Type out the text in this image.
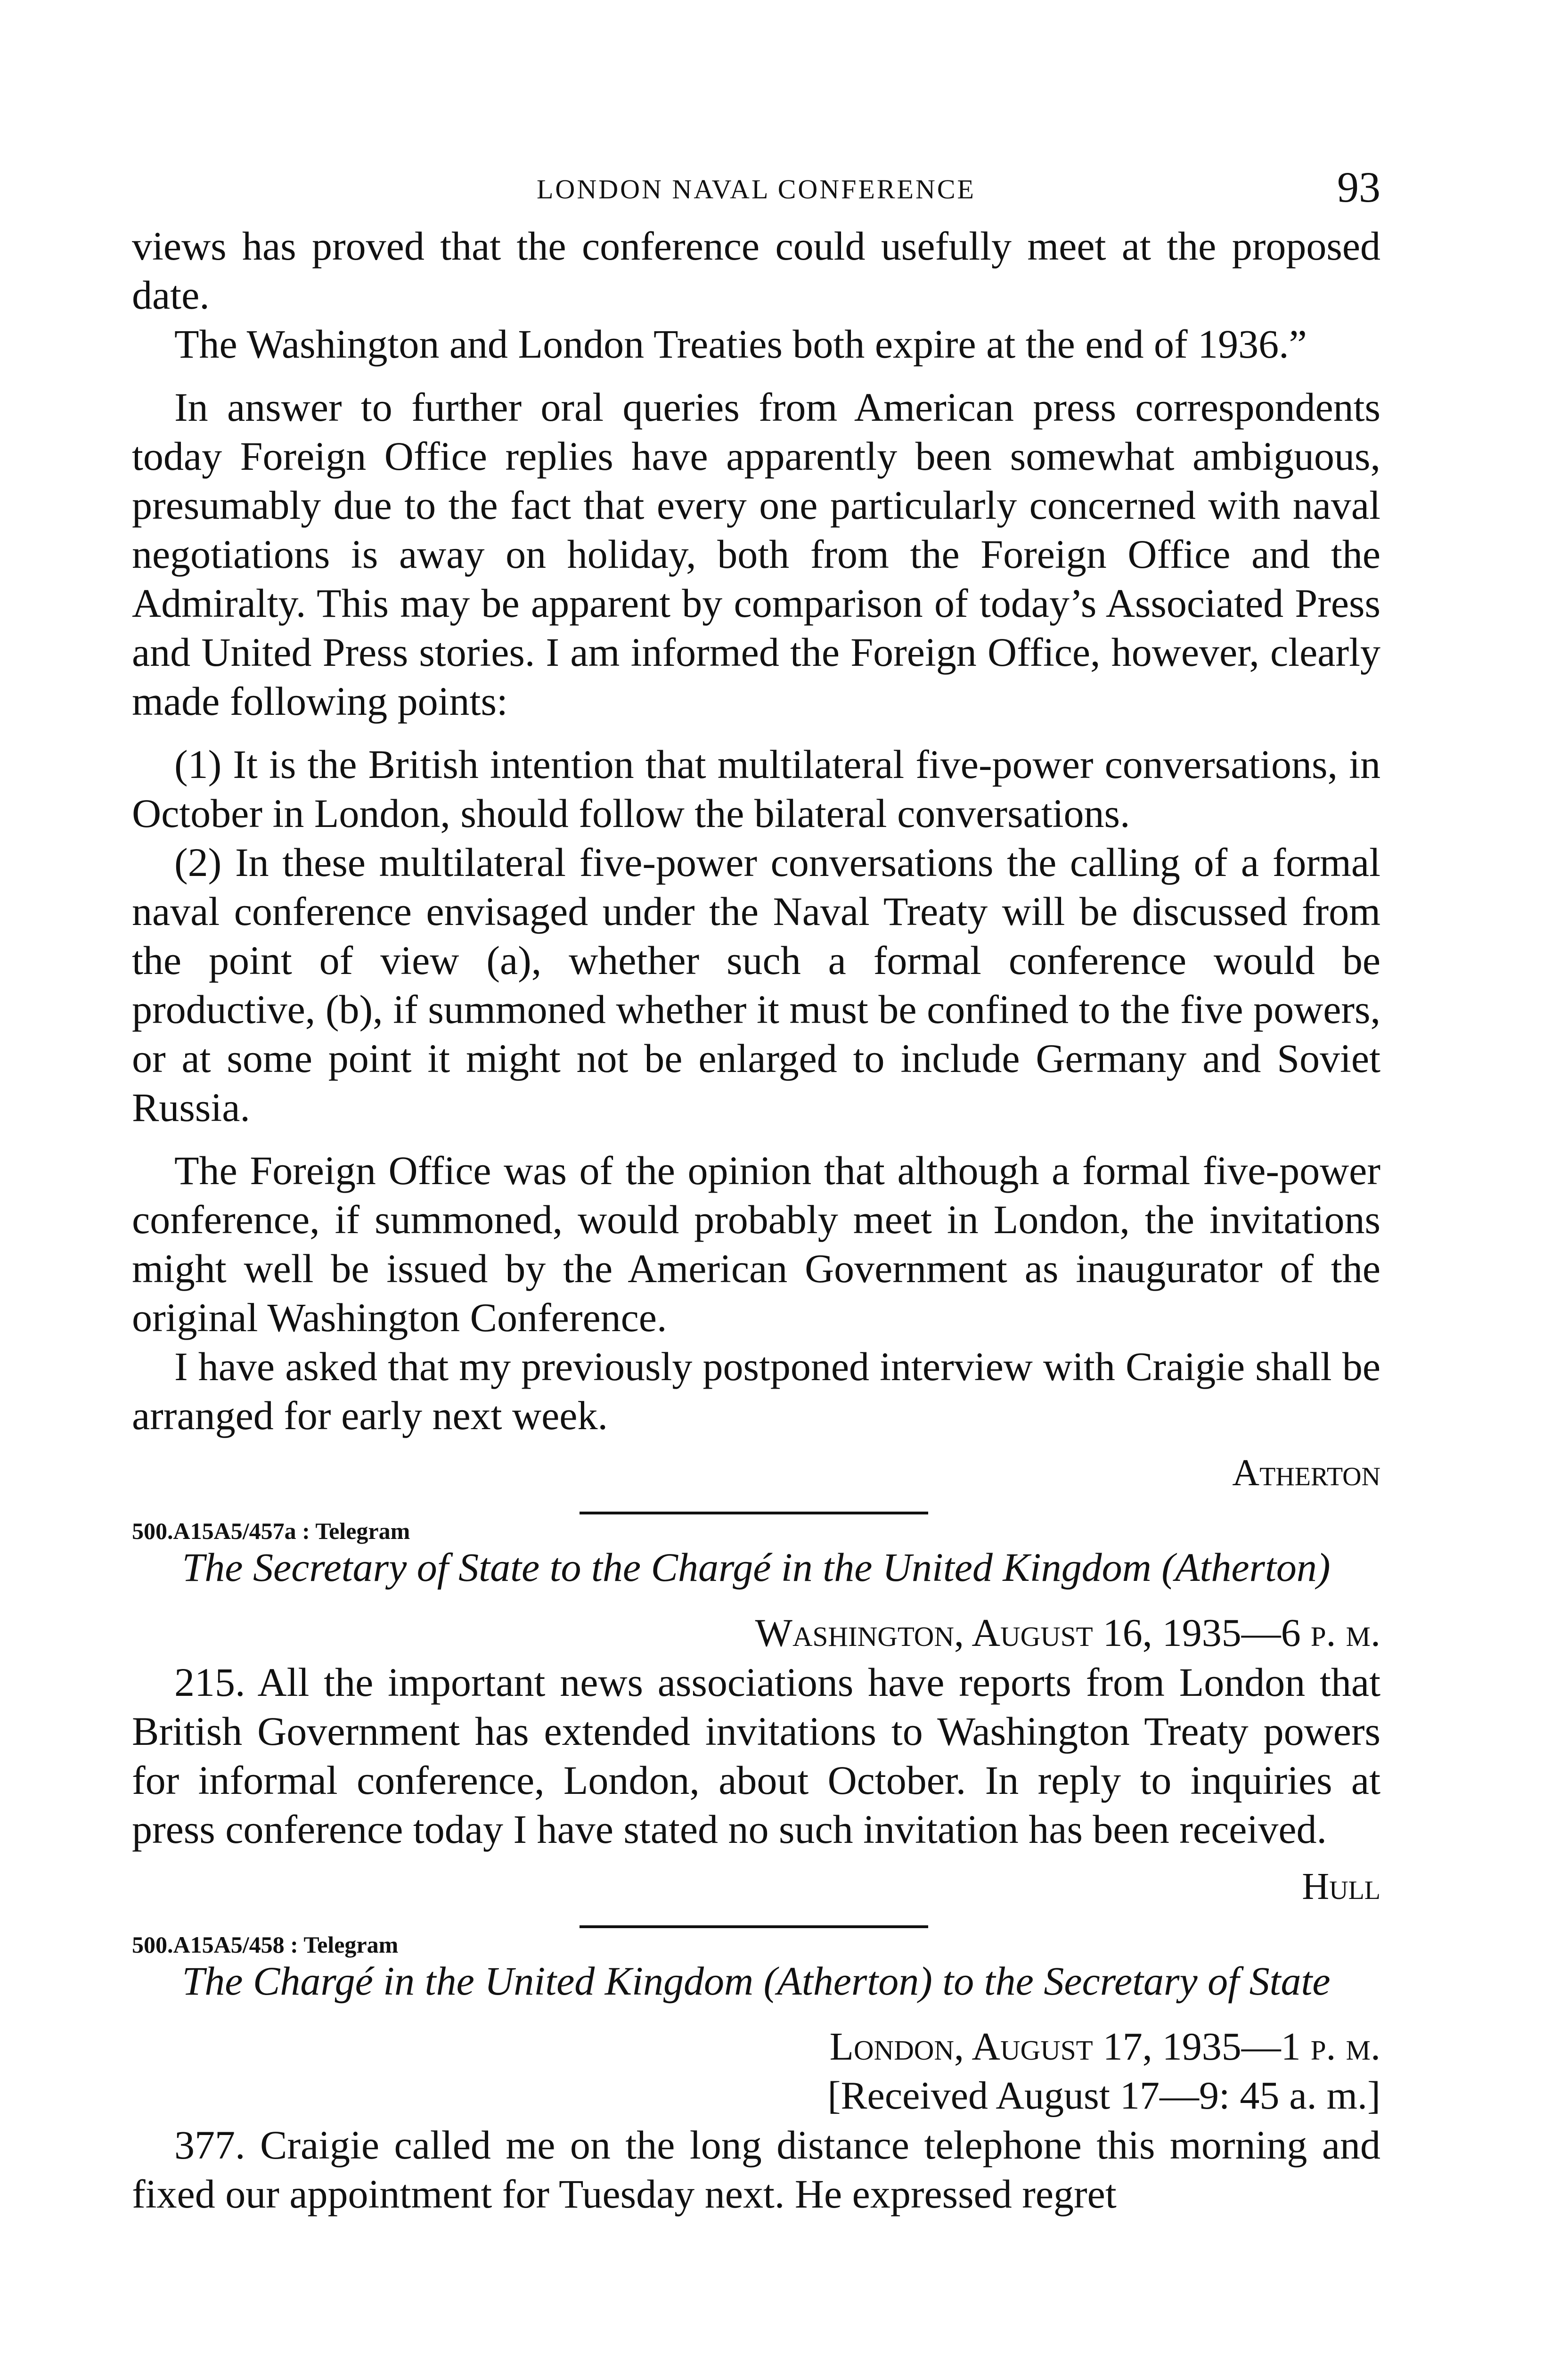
LONDON NAVAL CONFERENCE	93

views has proved that the conference could usefully meet at the proposed date.

The Washington and London Treaties both expire at the end of 1936.”

In answer to further oral queries from American press correspondents today Foreign Office replies have apparently been somewhat ambiguous, presumably due to the fact that every one particularly concerned with naval negotiations is away on holiday, both from the Foreign Office and the Admiralty. This may be apparent by comparison of today’s Associated Press and United Press stories. I am informed the Foreign Office, however, clearly made following points:

(1) It is the British intention that multilateral five-power conversations, in October in London, should follow the bilateral conversations.

(2) In these multilateral five-power conversations the calling of a formal naval conference envisaged under the Naval Treaty will be discussed from the point of view (a), whether such a formal conference would be productive, (b), if summoned whether it must be confined to the five powers, or at some point it might not be enlarged to include Germany and Soviet Russia.

The Foreign Office was of the opinion that although a formal five-power conference, if summoned, would probably meet in London, the invitations might well be issued by the American Government as inaugurator of the original Washington Conference.

I have asked that my previously postponed interview with Craigie shall be arranged for early next week.

Atherton
500.A15A5/457a : Telegram
The Secretary of State to the Chargé in the United Kingdom (Atherton)
Washington, August 16, 1935—6 p. m.

215. All the important news associations have reports from London that British Government has extended invitations to Washington Treaty powers for informal conference, London, about October. In reply to inquiries at press conference today I have stated no such invitation has been received.

Hull
500.A15A5/458 : Telegram
The Chargé in the United Kingdom (Atherton) to the Secretary of State
London, August 17, 1935—1 p. m.
[Received August 17—9: 45 a. m.]

377. Craigie called me on the long distance telephone this morning and fixed our appointment for Tuesday next. He expressed regret
